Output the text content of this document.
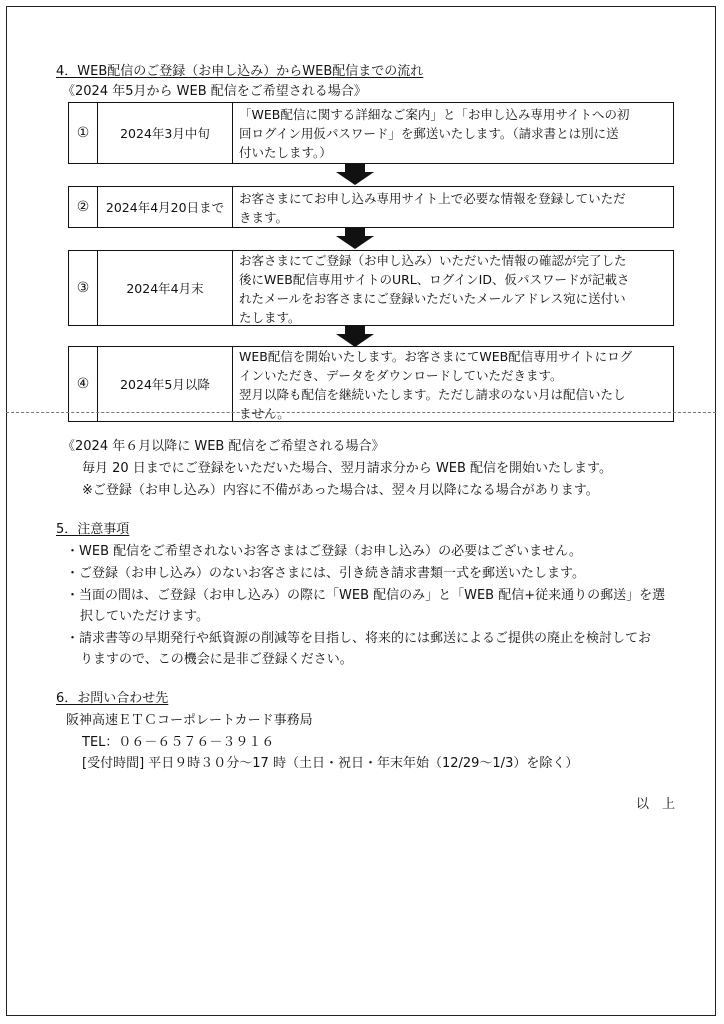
4．WEB配信のご登録（お申し込み）からWEB配信までの流れ
《2024 年5月から WEB 配信をご希望される場合》
①	2024年3月中旬
「WEB配信に関する詳細なご案内」と「お申し込み専用サイトへの初
回ログイン用仮パスワード」を郵送いたします。（請求書とは別に送
付いたします。）
②	2024年4月20日まで
お客さまにてお申し込み専用サイト上で必要な情報を登録していただ
きます。
③	2024年4月末
お客さまにてご登録（お申し込み）いただいた情報の確認が完了した
後にWEB配信専用サイトのURL、ログインID、仮パスワードが記載さ
れたメールをお客さまにご登録いただいたメールアドレス宛に送付い
たします。
④	2024年5月以降
WEB配信を開始いたします。お客さまにてWEB配信専用サイトにログ
インいただき、データをダウンロードしていただきます。
翌月以降も配信を継続いたします。ただし請求のない月は配信いたし
ません。
《2024 年６月以降に WEB 配信をご希望される場合》
毎月 20 日までにご登録をいただいた場合、翌月請求分から WEB 配信を開始いたします。
※ご登録（お申し込み）内容に不備があった場合は、翌々月以降になる場合があります。
5．注意事項
・WEB 配信をご希望されないお客さまはご登録（お申し込み）の必要はございません。
・ご登録（お申し込み）のないお客さまには、引き続き請求書類一式を郵送いたします。
・当面の間は、ご登録（お申し込み）の際に「WEB 配信のみ」と「WEB 配信+従来通りの郵送」を選
択していただけます。
・請求書等の早期発行や紙資源の削減等を目指し、将来的には郵送によるご提供の廃止を検討してお
りますので、この機会に是非ご登録ください。
6．お問い合わせ先
阪神高速ＥＴＣコーポレートカード事務局
TEL：０６－６５７６－３９１６
[受付時間] 平日９時３０分～17 時（土日・祝日・年末年始（12/29～1/3）を除く）
以　上
